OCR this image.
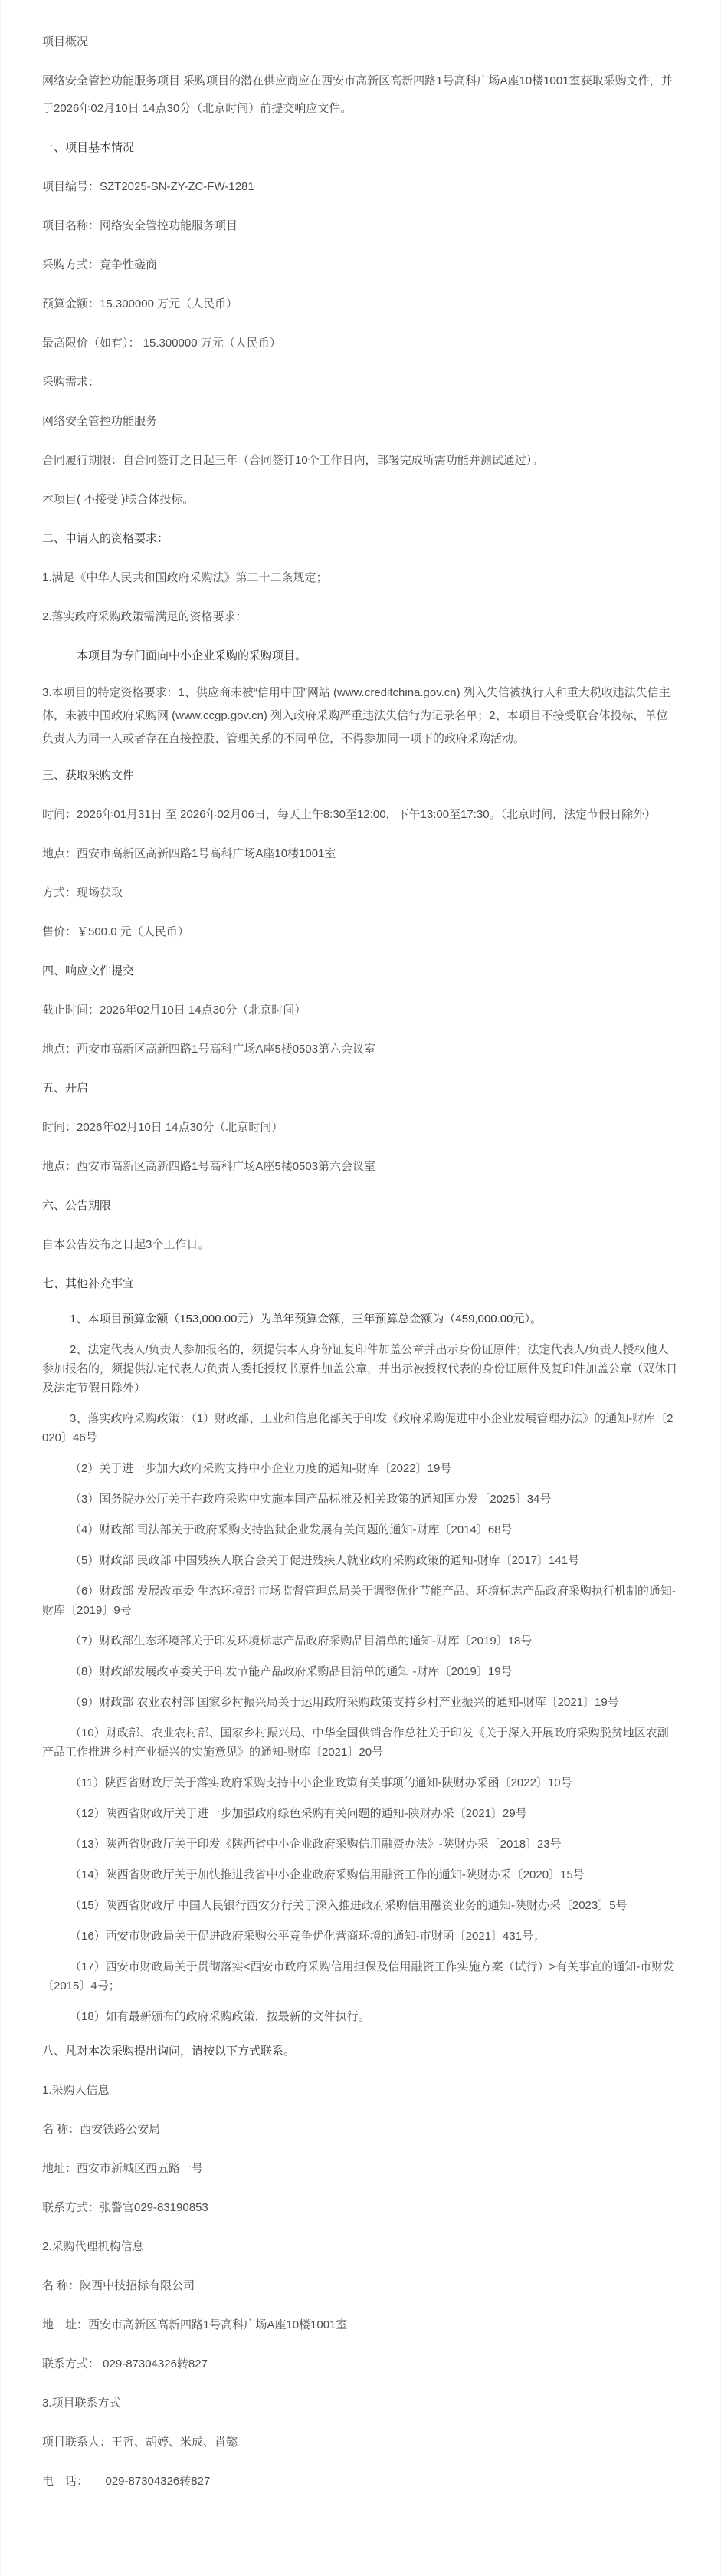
项目概况

网络安全管控功能服务项目 采购项目的潜在供应商应在西安市高新区高新四路1号高科广场A座10楼1001室获取采购文件，并于2026年02月10日 14点30分（北京时间）前提交响应文件。

一、项目基本情况

项目编号：SZT2025-SN-ZY-ZC-FW-1281

项目名称：网络安全管控功能服务项目

采购方式：竞争性磋商

预算金额：15.300000 万元（人民币）

最高限价（如有）： 15.300000 万元（人民币）

采购需求：

网络安全管控功能服务

合同履行期限：自合同签订之日起三年（合同签订10个工作日内，部署完成所需功能并测试通过）。

本项目( 不接受 )联合体投标。

二、申请人的资格要求：

1.满足《中华人民共和国政府采购法》第二十二条规定；

2.落实政府采购政策需满足的资格要求：

本项目为专门面向中小企业采购的采购项目。

3.本项目的特定资格要求：1、供应商未被“信用中国”网站 (www.creditchina.gov.cn) 列入失信被执行人和重大税收违法失信主体，未被中国政府采购网 (www.ccgp.gov.cn) 列入政府采购严重违法失信行为记录名单；2、本项目不接受联合体投标，单位负责人为同一人或者存在直接控股、管理关系的不同单位，不得参加同一项下的政府采购活动。

三、获取采购文件

时间：2026年01月31日 至 2026年02月06日，每天上午8:30至12:00，下午13:00至17:30。（北京时间，法定节假日除外）

地点：西安市高新区高新四路1号高科广场A座10楼1001室

方式：现场获取

售价：￥500.0 元（人民币）

四、响应文件提交

截止时间：2026年02月10日 14点30分（北京时间）

地点：西安市高新区高新四路1号高科广场A座5楼0503第六会议室

五、开启

时间：2026年02月10日 14点30分（北京时间）

地点：西安市高新区高新四路1号高科广场A座5楼0503第六会议室

六、公告期限

自本公告发布之日起3个工作日。

七、其他补充事宜

1、本项目预算金额（153,000.00元）为单年预算金额，三年预算总金额为（459,000.00元）。

2、法定代表人/负责人参加报名的，须提供本人身份证复印件加盖公章并出示身份证原件；法定代表人/负责人授权他人参加报名的，须提供法定代表人/负责人委托授权书原件加盖公章，并出示被授权代表的身份证原件及复印件加盖公章（双休日及法定节假日除外）

3、落实政府采购政策：（1）财政部、工业和信息化部关于印发《政府采购促进中小企业发展管理办法》的通知-财库〔2020〕46号

（2）关于进一步加大政府采购支持中小企业力度的通知-财库〔2022〕19号

（3）国务院办公厅关于在政府采购中实施本国产品标准及相关政策的通知国办发〔2025〕34号

（4）财政部 司法部关于政府采购支持监狱企业发展有关问题的通知-财库〔2014〕68号

（5）财政部 民政部 中国残疾人联合会关于促进残疾人就业政府采购政策的通知-财库〔2017〕141号

（6）财政部 发展改革委 生态环境部 市场监督管理总局关于调整优化节能产品、环境标志产品政府采购执行机制的通知-财库〔2019〕9号

（7）财政部生态环境部关于印发环境标志产品政府采购品目清单的通知-财库〔2019〕18号

（8）财政部发展改革委关于印发节能产品政府采购品目清单的通知 -财库〔2019〕19号

（9）财政部 农业农村部 国家乡村振兴局关于运用政府采购政策支持乡村产业振兴的通知-财库〔2021〕19号

（10）财政部、农业农村部、国家乡村振兴局、中华全国供销合作总社关于印发《关于深入开展政府采购脱贫地区农副产品工作推进乡村产业振兴的实施意见》的通知-财库〔2021〕20号

（11）陕西省财政厅关于落实政府采购支持中小企业政策有关事项的通知-陕财办采函〔2022〕10号

（12）陕西省财政厅关于进一步加强政府绿色采购有关问题的通知-陕财办采〔2021〕29号

（13）陕西省财政厅关于印发《陕西省中小企业政府采购信用融资办法》-陕财办采〔2018〕23号

（14）陕西省财政厅关于加快推进我省中小企业政府采购信用融资工作的通知-陕财办采〔2020〕15号

（15）陕西省财政厅 中国人民银行西安分行关于深入推进政府采购信用融资业务的通知-陕财办采〔2023〕5号

（16）西安市财政局关于促进政府采购公平竞争优化营商环境的通知-市财函〔2021〕431号；

（17）西安市财政局关于贯彻落实<西安市政府采购信用担保及信用融资工作实施方案（试行）>有关事宜的通知-市财发〔2015〕4号；

（18）如有最新颁布的政府采购政策，按最新的文件执行。

八、凡对本次采购提出询问，请按以下方式联系。

1.采购人信息

名 称：西安铁路公安局

地址：西安市新城区西五路一号

联系方式：张警官029-83190853

2.采购代理机构信息

名 称：陕西中技招标有限公司

地　址：西安市高新区高新四路1号高科广场A座10楼1001室

联系方式： 029-87304326转827

3.项目联系方式

项目联系人：王哲、胡婷、米成、肖懿

电　话：　　029-87304326转827
